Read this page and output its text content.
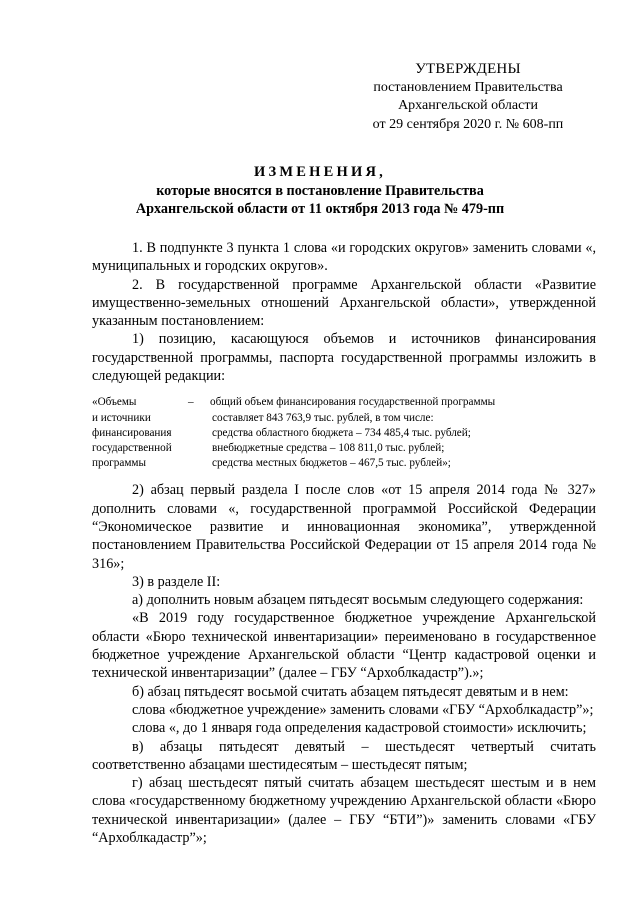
УТВЕРЖДЕНЫ
постановлением Правительства
Архангельской области
от 29 сентября 2020 г. № 608-пп
ИЗМЕНЕНИЯ,
которые вносятся в постановление Правительства
Архангельской области от 11 октября 2013 года № 479-пп

1. В подпункте 3 пункта 1 слова «и городских округов» заменить словами «, муниципальных и городских округов».

2. В государственной программе Архангельской области «Развитие имущественно-земельных отношений Архангельской области», утвержденной указанным постановлением:

1) позицию, касающуюся объемов и источников финансирования государственной программы, паспорта государственной программы изложить в следующей редакции:

«Объемы
и источники
финансирования
государственной
программы
–	общий объем финансирования государственной программы
составляет 843 763,9 тыс. рублей, в том числе:
средства областного бюджета – 734 485,4 тыс. рублей;
внебюджетные средства – 108 811,0 тыс. рублей;
средства местных бюджетов – 467,5 тыс. рублей»;

2) абзац первый раздела I после слов «от 15 апреля 2014 года № 327» дополнить словами «, государственной программой Российской Федерации “Экономическое развитие и инновационная экономика”, утвержденной постановлением Правительства Российской Федерации от 15 апреля 2014 года № 316»;

3) в разделе II:

а) дополнить новым абзацем пятьдесят восьмым следующего содержания:

«В 2019 году государственное бюджетное учреждение Архангельской области «Бюро технической инвентаризации» переименовано в государственное бюджетное учреждение Архангельской области “Центр кадастровой оценки и технической инвентаризации” (далее – ГБУ “Архоблкадастр”).»;

б) абзац пятьдесят восьмой считать абзацем пятьдесят девятым и в нем:

слова «бюджетное учреждение» заменить словами «ГБУ “Архоблкадастр”»;

слова «, до 1 января года определения кадастровой стоимости» исключить;

в) абзацы пятьдесят девятый – шестьдесят четвертый считать соответственно абзацами шестидесятым – шестьдесят пятым;

г) абзац шестьдесят пятый считать абзацем шестьдесят шестым и в нем слова «государственному бюджетному учреждению Архангельской области «Бюро технической инвентаризации» (далее – ГБУ “БТИ”)» заменить словами «ГБУ “Архоблкадастр”»;
